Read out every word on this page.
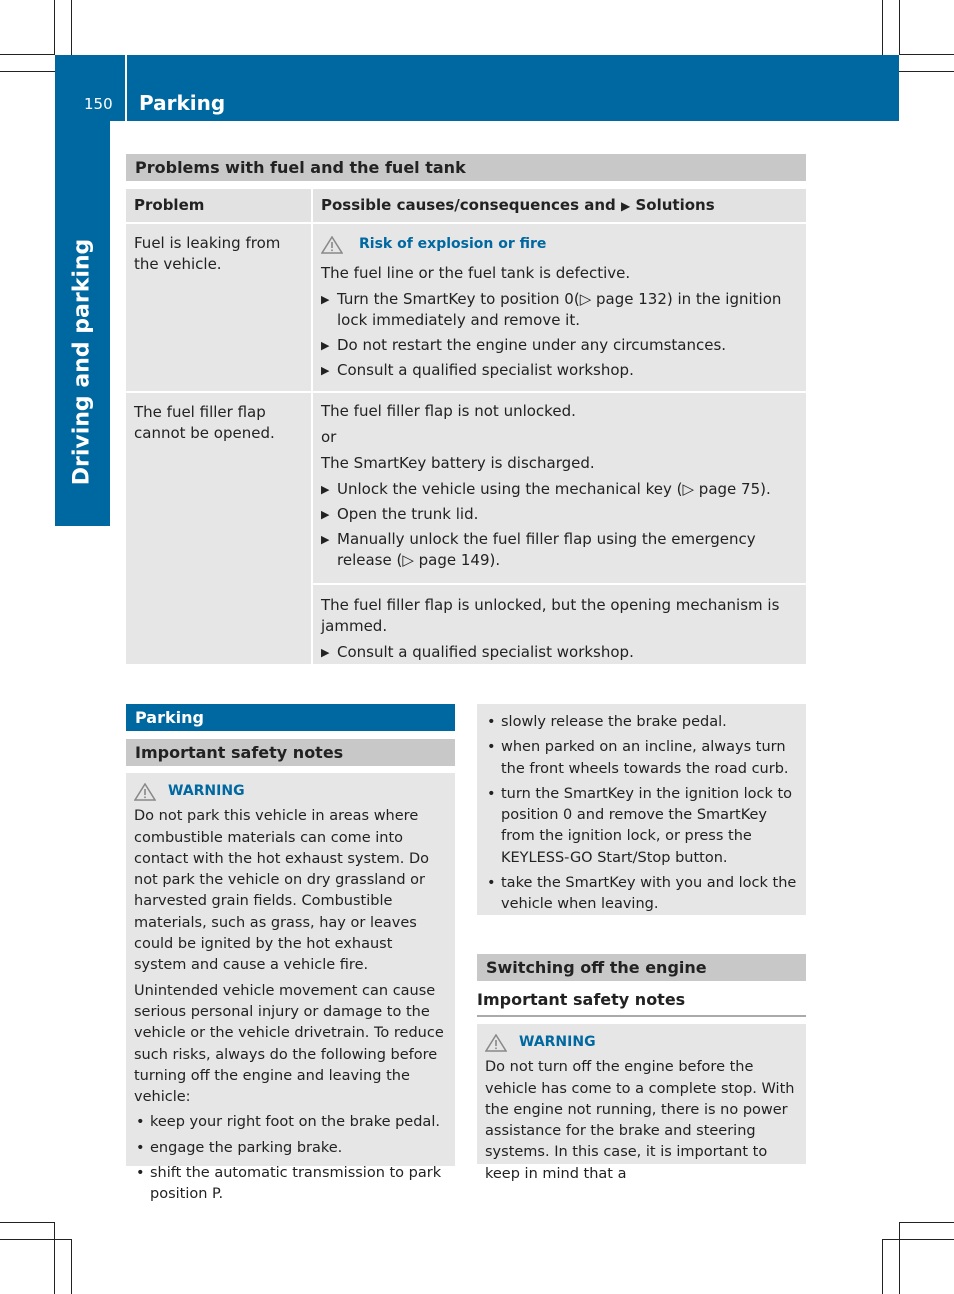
150 Parking
Driving and parking
Problems with fuel and the fuel tank
Problem	Possible causes/consequences and ▶ Solutions
Fuel is leaking from the vehicle.
Risk of explosion or fire

The fuel line or the fuel tank is defective.

▶ Turn the SmartKey to position 0(▷ page 132) in the ignition lock immediately and remove it.
▶ Do not restart the engine under any circumstances.
▶ Consult a qualified specialist workshop.
The fuel filler flap cannot be opened.

The fuel filler flap is not unlocked.

or

The SmartKey battery is discharged.

▶ Unlock the vehicle using the mechanical key (▷ page 75).
▶ Open the trunk lid.
▶ Manually unlock the fuel filler flap using the emergency release (▷ page 149).

The fuel filler flap is unlocked, but the opening mechanism is jammed.

▶ Consult a qualified specialist workshop.
Parking
Important safety notes
WARNING

Do not park this vehicle in areas where combustible materials can come into contact with the hot exhaust system. Do not park the vehicle on dry grassland or harvested grain fields. Combustible materials, such as grass, hay or leaves could be ignited by the hot exhaust system and cause a vehicle fire.

Unintended vehicle movement can cause serious personal injury or damage to the vehicle or the vehicle drivetrain. To reduce such risks, always do the following before turning off the engine and leaving the vehicle:

• keep your right foot on the brake pedal.
• engage the parking brake.
• shift the automatic transmission to park position P.
• slowly release the brake pedal.
• when parked on an incline, always turn the front wheels towards the road curb.
• turn the SmartKey in the ignition lock to position 0 and remove the SmartKey from the ignition lock, or press the KEYLESS-GO Start/Stop button.
• take the SmartKey with you and lock the vehicle when leaving.
Switching off the engine
Important safety notes
WARNING

Do not turn off the engine before the vehicle has come to a complete stop. With the engine not running, there is no power assistance for the brake and steering systems. In this case, it is important to keep in mind that a
